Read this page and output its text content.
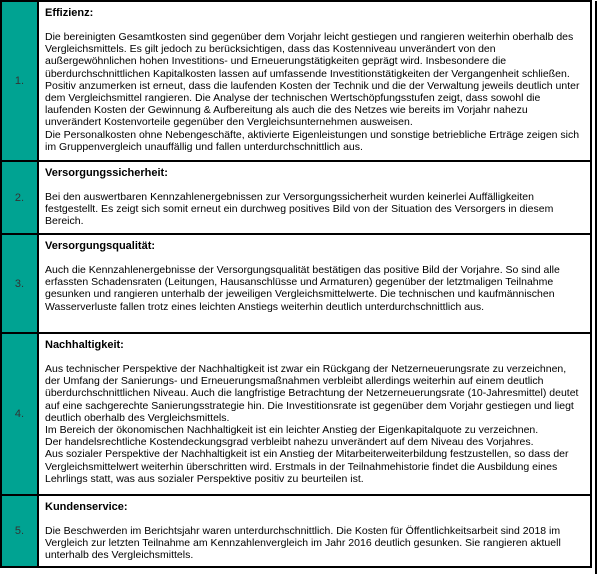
1.	Effizienz:

Die bereinigten Gesamtkosten sind gegenüber dem Vorjahr leicht gestiegen und rangieren weiterhin oberhalb des Vergleichsmittels. Es gilt jedoch zu berücksichtigen, dass das Kostenniveau unverändert von den außergewöhnlichen hohen Investitions- und Erneuerungstätigkeiten geprägt wird. Insbesondere die überdurchschnittlichen Kapitalkosten lassen auf umfassende Investitionstätigkeiten der Vergangenheit schließen. Positiv anzumerken ist erneut, dass die laufenden Kosten der Technik und die der Verwaltung jeweils deutlich unter dem Vergleichsmittel rangieren. Die Analyse der technischen Wertschöpfungsstufen zeigt, dass sowohl die laufenden Kosten der Gewinnung & Aufbereitung als auch die des Netzes wie bereits im Vorjahr nahezu unverändert Kostenvorteile gegenüber den Vergleichsunternehmen ausweisen.

Die Personalkosten ohne Nebengeschäfte, aktivierte Eigenleistungen und sonstige betriebliche Erträge zeigen sich im Gruppenvergleich unauffällig und fallen unterdurchschnittlich aus.

2.	Versorgungssicherheit:

Bei den auswertbaren Kennzahlenergebnissen zur Versorgungssicherheit wurden keinerlei Auffälligkeiten festgestellt. Es zeigt sich somit erneut ein durchweg positives Bild von der Situation des Versorgers in diesem Bereich.

3.	Versorgungsqualität:

Auch die Kennzahlenergebnisse der Versorgungsqualität bestätigen das positive Bild der Vorjahre. So sind alle erfassten Schadensraten (Leitungen, Hausanschlüsse und Armaturen) gegenüber der letztmaligen Teilnahme gesunken und rangieren unterhalb der jeweiligen Vergleichsmittelwerte. Die technischen und kaufmännischen Wasserverluste fallen trotz eines leichten Anstiegs weiterhin deutlich unterdurchschnittlich aus.

4.	Nachhaltigkeit:

Aus technischer Perspektive der Nachhaltigkeit ist zwar ein Rückgang der Netzerneuerungsrate zu verzeichnen, der Umfang der Sanierungs- und Erneuerungsmaßnahmen verbleibt allerdings weiterhin auf einem deutlich überdurchschnittlichen Niveau. Auch die langfristige Betrachtung der Netzerneuerungsrate (10-Jahresmittel) deutet auf eine sachgerechte Sanierungsstrategie hin. Die Investitionsrate ist gegenüber dem Vorjahr gestiegen und liegt deutlich oberhalb des Vergleichsmittels.

Im Bereich der ökonomischen Nachhaltigkeit ist ein leichter Anstieg der Eigenkapitalquote zu verzeichnen.

Der handelsrechtliche Kostendeckungsgrad verbleibt nahezu unverändert auf dem Niveau des Vorjahres.

Aus sozialer Perspektive der Nachhaltigkeit ist ein Anstieg der Mitarbeiterweiterbildung festzustellen, so dass der Vergleichsmittelwert weiterhin überschritten wird. Erstmals in der Teilnahmehistorie findet die Ausbildung eines Lehrlings statt, was aus sozialer Perspektive positiv zu beurteilen ist.

5.	Kundenservice:

Die Beschwerden im Berichtsjahr waren unterdurchschnittlich. Die Kosten für Öffentlichkeitsarbeit sind 2018 im Vergleich zur letzten Teilnahme am Kennzahlenvergleich im Jahr 2016 deutlich gesunken. Sie rangieren aktuell unterhalb des Vergleichsmittels.
